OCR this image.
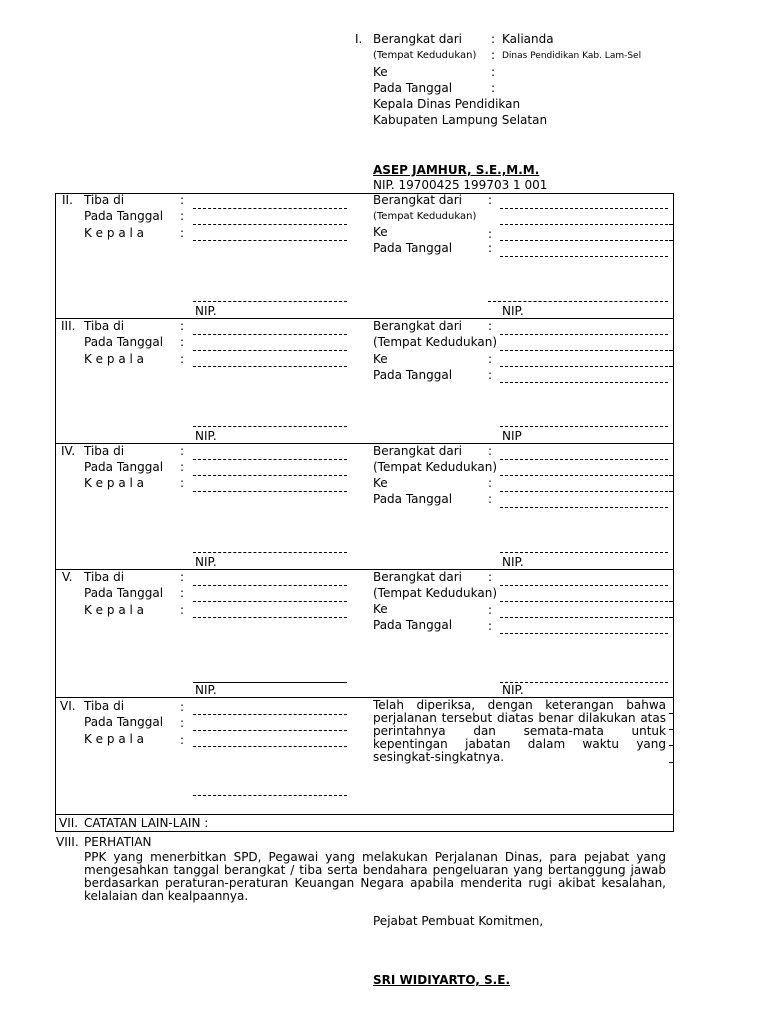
I. Berangkat dari : Kalianda
(Tempat Kedudukan) : Dinas Pendidikan Kab. Lam-Sel
Ke	:
Pada Tanggal	:
Kepala Dinas Pendidikan
Kabupaten Lampung Selatan
ASEP JAMHUR, S.E.,M.M.
NIP. 19700425 199703 1 001
II. Tiba di	:
Pada Tanggal :
K e p a l a	:
NIP.
Berangkat dari :
(Tempat Kedudukan)
Ke	:
Pada Tanggal	:
NIP.
III. Tiba di	:
Pada Tanggal :
K e p a l a	:
NIP.
Berangkat dari :
(Tempat Kedudukan)
Ke	:
Pada Tanggal	:
NIP
IV. Tiba di	:
Pada Tanggal :
K e p a l a	:
NIP.
Berangkat dari :
(Tempat Kedudukan)
Ke	:
Pada Tanggal	:
NIP.
V. Tiba di	:
Pada Tanggal :
K e p a l a	:
NIP.
Berangkat dari :
(Tempat Kedudukan)
Ke	:
Pada Tanggal	:
NIP.
VI. Tiba di	:
Pada Tanggal :
K e p a l a	:
Telah diperiksa, dengan keterangan bahwa
perjalanan tersebut diatas benar dilakukan atas
perintahnya dan semata-mata untuk
kepentingan jabatan dalam waktu yang
sesingkat-singkatnya.
VII. CATATAN LAIN-LAIN :
VIII. PERHATIAN
PPK yang menerbitkan SPD, Pegawai yang melakukan Perjalanan Dinas, para pejabat yang
mengesahkan tanggal berangkat / tiba serta bendahara pengeluaran yang bertanggung jawab
berdasarkan peraturan-peraturan Keuangan Negara apabila menderita rugi akibat kesalahan,
kelalaian dan kealpaannya.
Pejabat Pembuat Komitmen,
SRI WIDIYARTO, S.E.
